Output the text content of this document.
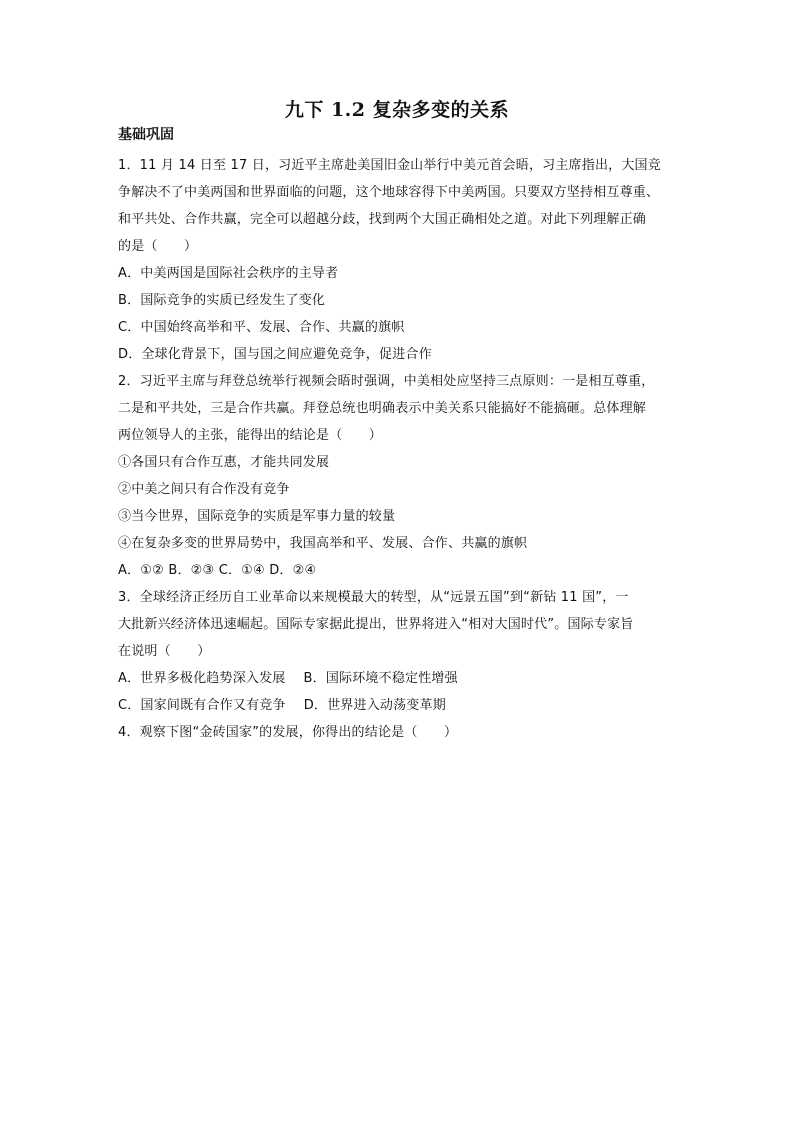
九下 1.2 复杂多变的关系
基础巩固

1．11 月 14 日至 17 日，习近平主席赴美国旧金山举行中美元首会晤，习主席指出，大国竞

争解决不了中美两国和世界面临的问题，这个地球容得下中美两国。只要双方坚持相互尊重、

和平共处、合作共赢，完全可以超越分歧，找到两个大国正确相处之道。对此下列理解正确

的是（　　）

A．中美两国是国际社会秩序的主导者

B．国际竞争的实质已经发生了变化

C．中国始终高举和平、发展、合作、共赢的旗帜

D．全球化背景下，国与国之间应避免竞争，促进合作

2．习近平主席与拜登总统举行视频会晤时强调，中美相处应坚持三点原则：一是相互尊重，

二是和平共处，三是合作共赢。拜登总统也明确表示中美关系只能搞好不能搞砸。总体理解

两位领导人的主张，能得出的结论是（　　）

①各国只有合作互惠，才能共同发展

②中美之间只有合作没有竞争

③当今世界，国际竞争的实质是军事力量的较量

④在复杂多变的世界局势中，我国高举和平、发展、合作、共赢的旗帜

A．①② B．②③ C．①④ D．②④

3．全球经济正经历自工业革命以来规模最大的转型，从“远景五国”到“新钻 11 国”，一

大批新兴经济体迅速崛起。国际专家据此提出，世界将进入“相对大国时代”。国际专家旨

在说明（　　）

A．世界多极化趋势深入发展 B．国际环境不稳定性增强

C．国家间既有合作又有竞争 D．世界进入动荡变革期

4．观察下图“金砖国家”的发展，你得出的结论是（　　）
